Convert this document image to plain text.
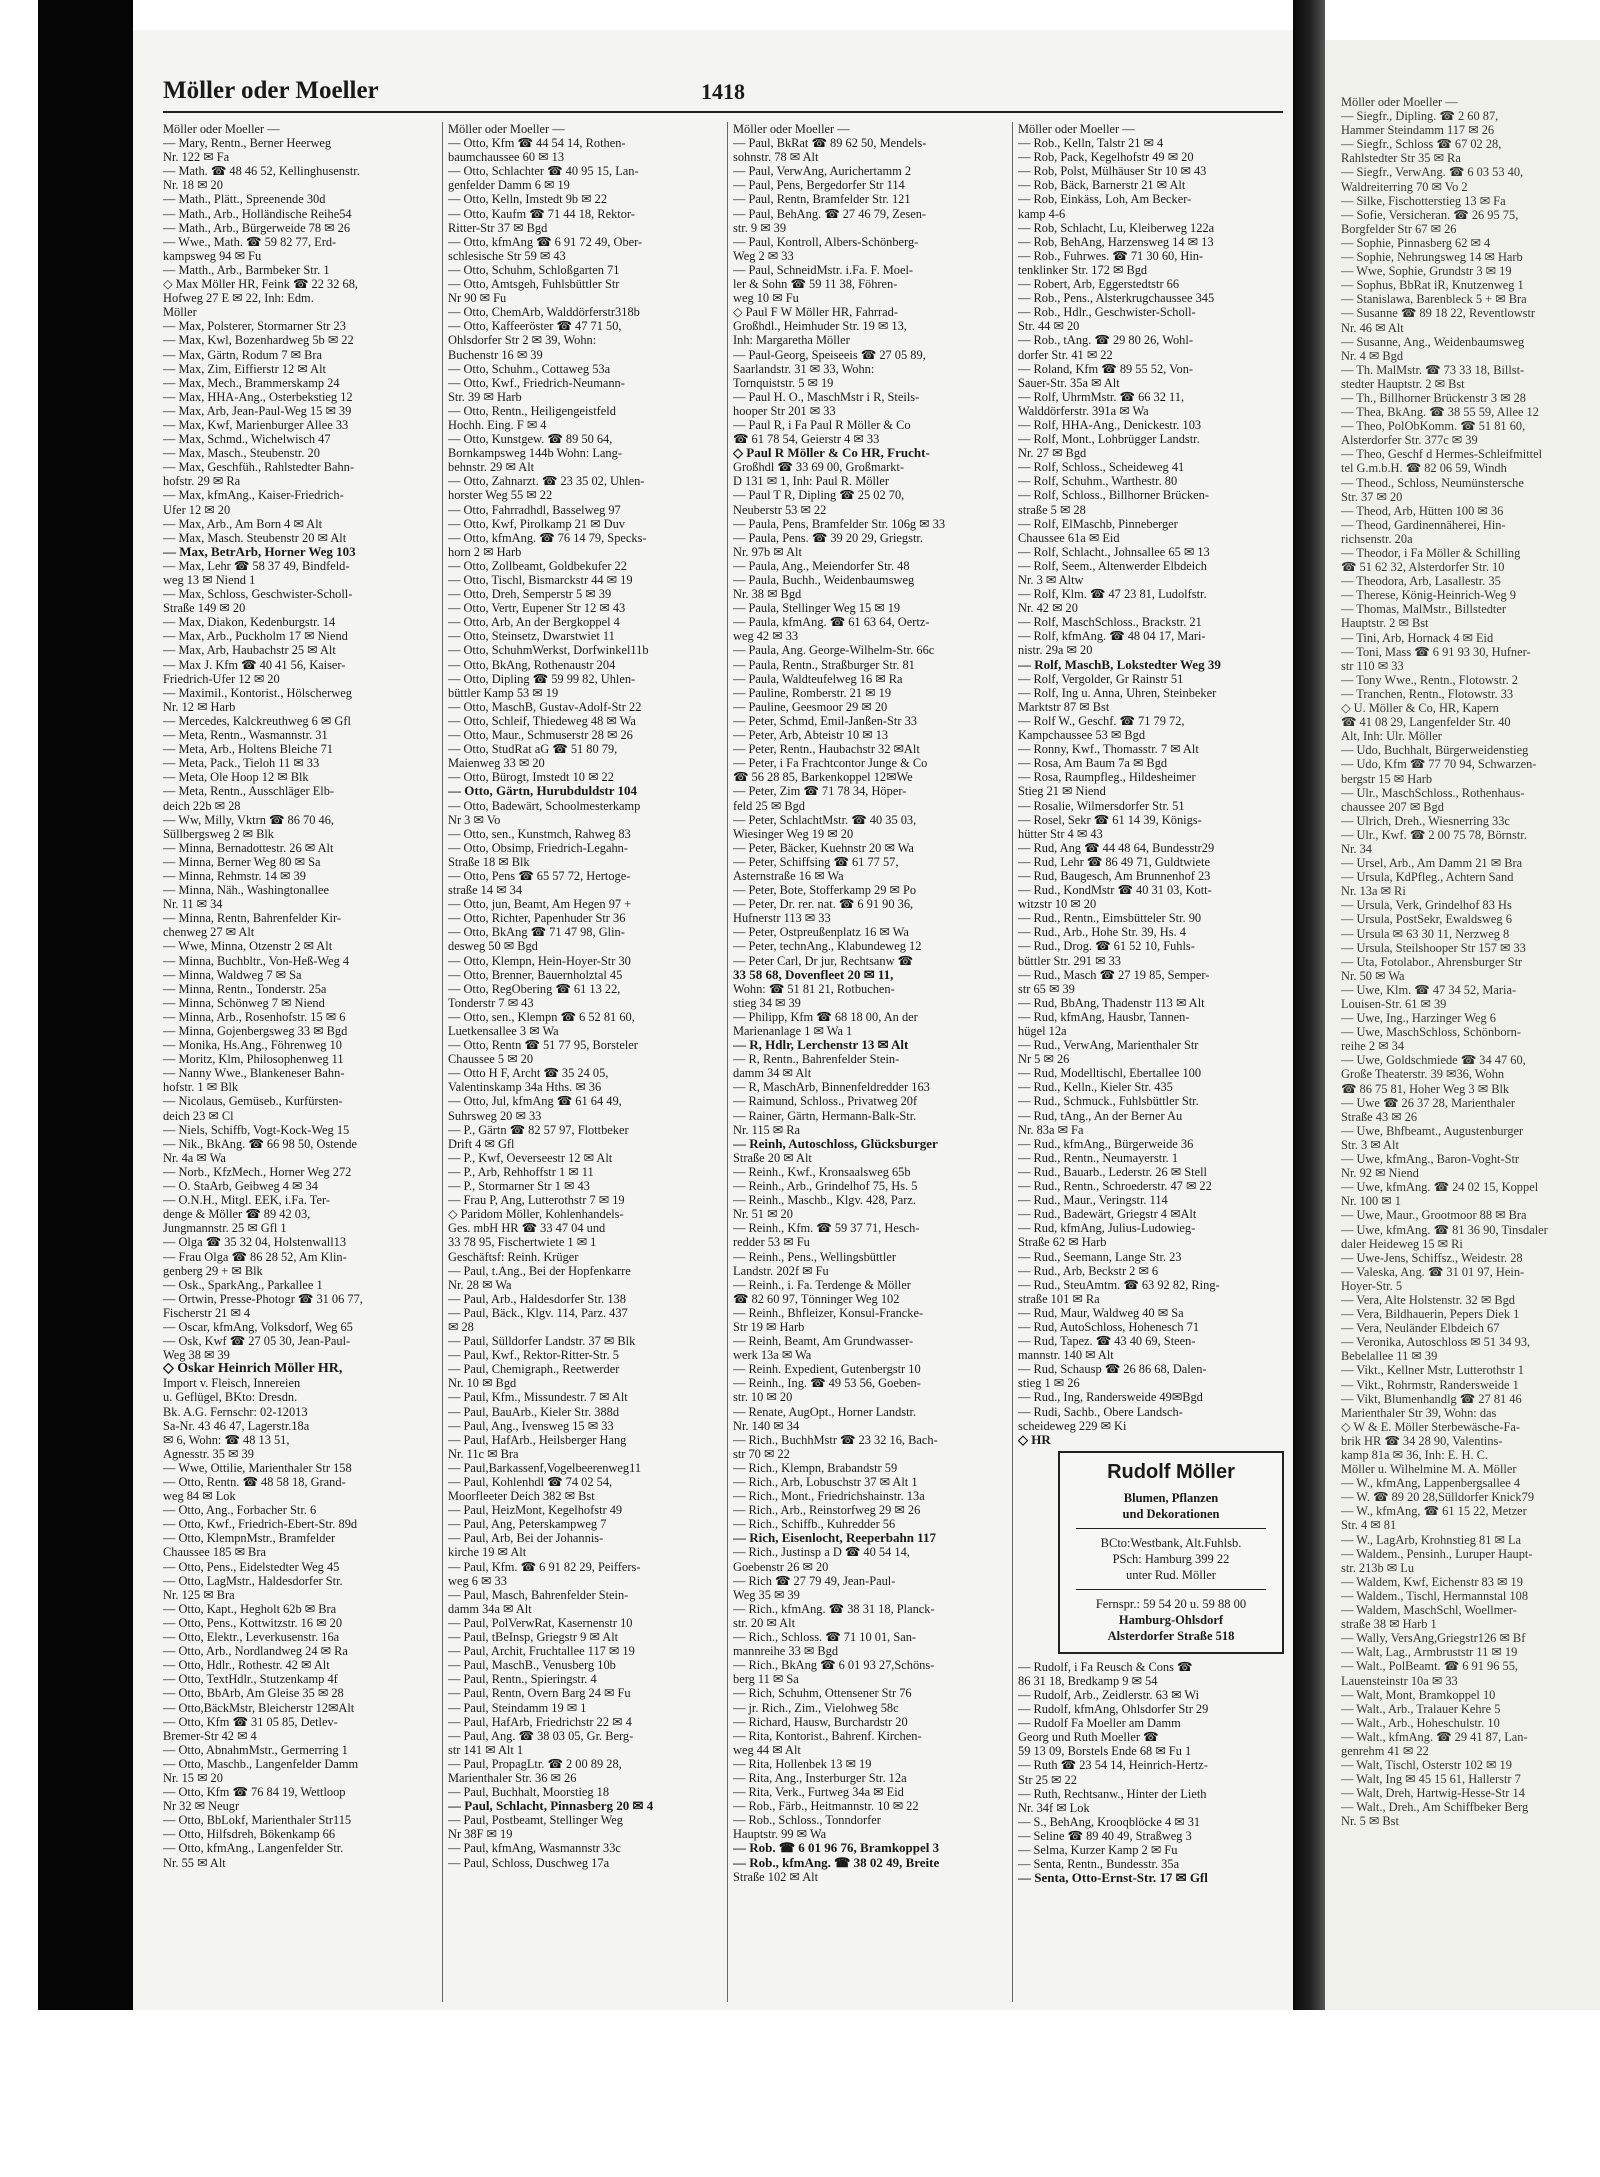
Möller oder Moeller	1418
Möller oder Moeller —
— Mary, Rentn., Berner Heerweg
Nr. 122 ✉ Fa
— Math. ☎ 48 46 52, Kellinghusenstr.
Nr. 18 ✉ 20
— Math., Plätt., Spreenende 30d
— Math., Arb., Holländische Reihe54
— Math., Arb., Bürgerweide 78 ✉ 26
— Wwe., Math. ☎ 59 82 77, Erd-
kampsweg 94 ✉ Fu
— Matth., Arb., Barmbeker Str. 1
◇ Max Möller HR, Feink ☎ 22 32 68,
Hofweg 27 E ✉ 22, Inh: Edm.
Möller
— Max, Polsterer, Stormarner Str 23
— Max, Kwl, Bozenhardweg 5b ✉ 22
— Max, Gärtn, Rodum 7 ✉ Bra
— Max, Zim, Eiffierstr 12 ✉ Alt
— Max, Mech., Brammerskamp 24
— Max, HHA-Ang., Osterbekstieg 12
— Max, Arb, Jean-Paul-Weg 15 ✉ 39
— Max, Kwf, Marienburger Allee 33
— Max, Schmd., Wichelwisch 47
— Max, Masch., Steubenstr. 20
— Max, Geschfüh., Rahlstedter Bahn-
hofstr. 29 ✉ Ra
— Max, kfmAng., Kaiser-Friedrich-
Ufer 12 ✉ 20
— Max, Arb., Am Born 4 ✉ Alt
— Max, Masch. Steubenstr 20 ✉ Alt
— Max, BetrArb, Horner Weg 103
— Max, Lehr ☎ 58 37 49, Bindfeld-
weg 13 ✉ Niend 1
— Max, Schloss, Geschwister-Scholl-
Straße 149 ✉ 20
— Max, Diakon, Kedenburgstr. 14
— Max, Arb., Puckholm 17 ✉ Niend
— Max, Arb, Haubachstr 25 ✉ Alt
— Max J. Kfm ☎ 40 41 56, Kaiser-
Friedrich-Ufer 12 ✉ 20
— Maximil., Kontorist., Hölscherweg
Nr. 12 ✉ Harb
— Mercedes, Kalckreuthweg 6 ✉ Gfl
— Meta, Rentn., Wasmannstr. 31
— Meta, Arb., Holtens Bleiche 71
— Meta, Pack., Tieloh 11 ✉ 33
— Meta, Ole Hoop 12 ✉ Blk
— Meta, Rentn., Ausschläger Elb-
deich 22b ✉ 28
— Ww, Milly, Vktrn ☎ 86 70 46,
Süllbergsweg 2 ✉ Blk
— Minna, Bernadottestr. 26 ✉ Alt
— Minna, Berner Weg 80 ✉ Sa
— Minna, Rehmstr. 14 ✉ 39
— Minna, Näh., Washingtonallee
Nr. 11 ✉ 34
— Minna, Rentn, Bahrenfelder Kir-
chenweg 27 ✉ Alt
— Wwe, Minna, Otzenstr 2 ✉ Alt
— Minna, Buchbltr., Von-Heß-Weg 4
— Minna, Waldweg 7 ✉ Sa
— Minna, Rentn., Tonderstr. 25a
— Minna, Schönweg 7 ✉ Niend
— Minna, Arb., Rosenhofstr. 15 ✉ 6
— Minna, Gojenbergsweg 33 ✉ Bgd
— Monika, Hs.Ang., Föhrenweg 10
— Moritz, Klm, Philosophenweg 11
— Nanny Wwe., Blankeneser Bahn-
hofstr. 1 ✉ Blk
— Nicolaus, Gemüseb., Kurfürsten-
deich 23 ✉ Cl
— Niels, Schiffb, Vogt-Kock-Weg 15
— Nik., BkAng. ☎ 66 98 50, Ostende
Nr. 4a ✉ Wa
— Norb., KfzMech., Horner Weg 272
— O. StaArb, Geibweg 4 ✉ 34
— O.N.H., Mitgl. EEK, i.Fa. Ter-
denge & Möller ☎ 89 42 03,
Jungmannstr. 25 ✉ Gfl 1
— Olga ☎ 35 32 04, Holstenwall13
— Frau Olga ☎ 86 28 52, Am Klin-
genberg 29 + ✉ Blk
— Osk., SparkAng., Parkallee 1
— Ortwin, Presse-Photogr ☎ 31 06 77,
Fischerstr 21 ✉ 4
— Oscar, kfmAng, Volksdorf, Weg 65
— Osk, Kwf ☎ 27 05 30, Jean-Paul-
Weg 38 ✉ 39
◇ Oskar Heinrich Möller HR,
Import v. Fleisch, Innereien
u. Geflügel, BKto: Dresdn.
Bk. A.G. Fernschr: 02-12013
Sa-Nr. 43 46 47, Lagerstr.18a
✉ 6, Wohn: ☎ 48 13 51,
Agnesstr. 35 ✉ 39
— Wwe, Ottilie, Marienthaler Str 158
— Otto, Rentn. ☎ 48 58 18, Grand-
weg 84 ✉ Lok
— Otto, Ang., Forbacher Str. 6
— Otto, Kwf., Friedrich-Ebert-Str. 89d
— Otto, KlempnMstr., Bramfelder
Chaussee 185 ✉ Bra
— Otto, Pens., Eidelstedter Weg 45
— Otto, LagMstr., Haldesdorfer Str.
Nr. 125 ✉ Bra
— Otto, Kapt., Hegholt 62b ✉ Bra
— Otto, Pens., Kottwitzstr. 16 ✉ 20
— Otto, Elektr., Leverkusenstr. 16a
— Otto, Arb., Nordlandweg 24 ✉ Ra
— Otto, Hdlr., Rothestr. 42 ✉ Alt
— Otto, TextHdlr., Stutzenkamp 4f
— Otto, BbArb, Am Gleise 35 ✉ 28
— Otto,BäckMstr, Bleicherstr 12✉Alt
— Otto, Kfm ☎ 31 05 85, Detlev-
Bremer-Str 42 ✉ 4
— Otto, AbnahmMstr., Germerring 1
— Otto, Maschb., Langenfelder Damm
Nr. 15 ✉ 20
— Otto, Kfm ☎ 76 84 19, Wettloop
Nr 32 ✉ Neugr
— Otto, BbLokf, Marienthaler Str115
— Otto, Hilfsdreh, Bökenkamp 66
— Otto, kfmAng., Langenfelder Str.
Nr. 55 ✉ Alt
Möller oder Moeller —
— Otto, Kfm ☎ 44 54 14, Rothen-
baumchaussee 60 ✉ 13
— Otto, Schlachter ☎ 40 95 15, Lan-
genfelder Damm 6 ✉ 19
— Otto, Kelln, Imstedt 9b ✉ 22
— Otto, Kaufm ☎ 71 44 18, Rektor-
Ritter-Str 37 ✉ Bgd
— Otto, kfmAng ☎ 6 91 72 49, Ober-
schlesische Str 59 ✉ 43
— Otto, Schuhm, Schloßgarten 71
— Otto, Amtsgeh, Fuhlsbüttler Str
Nr 90 ✉ Fu
— Otto, ChemArb, Walddörferstr318b
— Otto, Kaffeeröster ☎ 47 71 50,
Ohlsdorfer Str 2 ✉ 39, Wohn:
Buchenstr 16 ✉ 39
— Otto, Schuhm., Cottaweg 53a
— Otto, Kwf., Friedrich-Neumann-
Str. 39 ✉ Harb
— Otto, Rentn., Heiligengeistfeld
Hochh. Eing. F ✉ 4
— Otto, Kunstgew. ☎ 89 50 64,
Bornkampsweg 144b Wohn: Lang-
behnstr. 29 ✉ Alt
— Otto, Zahnarzt. ☎ 23 35 02, Uhlen-
horster Weg 55 ✉ 22
— Otto, Fahrradhdl, Basselweg 97
— Otto, Kwf, Pirolkamp 21 ✉ Duv
— Otto, kfmAng. ☎ 76 14 79, Specks-
horn 2 ✉ Harb
— Otto, Zollbeamt, Goldbekufer 22
— Otto, Tischl, Bismarckstr 44 ✉ 19
— Otto, Dreh, Semperstr 5 ✉ 39
— Otto, Vertr, Eupener Str 12 ✉ 43
— Otto, Arb, An der Bergkoppel 4
— Otto, Steinsetz, Dwarstwiet 11
— Otto, SchuhmWerkst, Dorfwinkel11b
— Otto, BkAng, Rothenaustr 204
— Otto, Dipling ☎ 59 99 82, Uhlen-
büttler Kamp 53 ✉ 19
— Otto, MaschB, Gustav-Adolf-Str 22
— Otto, Schleif, Thiedeweg 48 ✉ Wa
— Otto, Maur., Schmuserstr 28 ✉ 26
— Otto, StudRat aG ☎ 51 80 79,
Maienweg 33 ✉ 20
— Otto, Bürogt, Imstedt 10 ✉ 22
— Otto, Gärtn, Hurubduldstr 104
— Otto, Badewärt, Schoolmesterkamp
Nr 3 ✉ Vo
— Otto, sen., Kunstmch, Rahweg 83
— Otto, Obsimp, Friedrich-Legahn-
Straße 18 ✉ Blk
— Otto, Pens ☎ 65 57 72, Hertoge-
straße 14 ✉ 34
— Otto, jun, Beamt, Am Hegen 97 +
— Otto, Richter, Papenhuder Str 36
— Otto, BkAng ☎ 71 47 98, Glin-
desweg 50 ✉ Bgd
— Otto, Klempn, Hein-Hoyer-Str 30
— Otto, Brenner, Bauernholztal 45
— Otto, RegObering ☎ 61 13 22,
Tonderstr 7 ✉ 43
— Otto, sen., Klempn ☎ 6 52 81 60,
Luetkensallee 3 ✉ Wa
— Otto, Rentn ☎ 51 77 95, Borsteler
Chaussee 5 ✉ 20
— Otto H F, Archt ☎ 35 24 05,
Valentinskamp 34a Hths. ✉ 36
— Otto, Jul, kfmAng ☎ 61 64 49,
Suhrsweg 20 ✉ 33
— P., Gärtn ☎ 82 57 97, Flottbeker
Drift 4 ✉ Gfl
— P., Kwf, Oeverseestr 12 ✉ Alt
— P., Arb, Rehhoffstr 1 ✉ 11
— P., Stormarner Str 1 ✉ 43
— Frau P, Ang, Lutterothstr 7 ✉ 19
◇ Paridom Möller, Kohlenhandels-
Ges. mbH HR ☎ 33 47 04 und
33 78 95, Fischertwiete 1 ✉ 1
Geschäftsf: Reinh. Krüger
— Paul, t.Ang., Bei der Hopfenkarre
Nr. 28 ✉ Wa
— Paul, Arb., Haldesdorfer Str. 138
— Paul, Bäck., Klgv. 114, Parz. 437
✉ 28
— Paul, Sülldorfer Landstr. 37 ✉ Blk
— Paul, Kwf., Rektor-Ritter-Str. 5
— Paul, Chemigraph., Reetwerder
Nr. 10 ✉ Bgd
— Paul, Kfm., Missundestr. 7 ✉ Alt
— Paul, BauArb., Kieler Str. 388d
— Paul, Ang., Ivensweg 15 ✉ 33
— Paul, HafArb., Heilsberger Hang
Nr. 11c ✉ Bra
— Paul,Barkassenf,Vogelbeerenweg11
— Paul, Kohlenhdl ☎ 74 02 54,
Moorfleeter Deich 382 ✉ Bst
— Paul, HeizMont, Kegelhofstr 49
— Paul, Ang, Peterskampweg 7
— Paul, Arb, Bei der Johannis-
kirche 19 ✉ Alt
— Paul, Kfm. ☎ 6 91 82 29, Peiffers-
weg 6 ✉ 33
— Paul, Masch, Bahrenfelder Stein-
damm 34a ✉ Alt
— Paul, PolVerwRat, Kasernenstr 10
— Paul, tBeInsp, Griegstr 9 ✉ Alt
— Paul, Archit, Fruchtallee 117 ✉ 19
— Paul, MaschB., Venusberg 10b
— Paul, Rentn., Spieringstr. 4
— Paul, Rentn, Overn Barg 24 ✉ Fu
— Paul, Steindamm 19 ✉ 1
— Paul, HafArb, Friedrichstr 22 ✉ 4
— Paul, Ang. ☎ 38 03 05, Gr. Berg-
str 141 ✉ Alt 1
— Paul, PropagLtr. ☎ 2 00 89 28,
Marienthaler Str. 36 ✉ 26
— Paul, Buchhalt, Moorstieg 18
— Paul, Schlacht, Pinnasberg 20 ✉ 4
— Paul, Postbeamt, Stellinger Weg
Nr 38F ✉ 19
— Paul, kfmAng, Wasmannstr 33c
— Paul, Schloss, Duschweg 17a
Möller oder Moeller —
— Paul, BkRat ☎ 89 62 50, Mendels-
sohnstr. 78 ✉ Alt
— Paul, VerwAng, Aurichertamm 2
— Paul, Pens, Bergedorfer Str 114
— Paul, Rentn, Bramfelder Str. 121
— Paul, BehAng. ☎ 27 46 79, Zesen-
str. 9 ✉ 39
— Paul, Kontroll, Albers-Schönberg-
Weg 2 ✉ 33
— Paul, SchneidMstr. i.Fa. F. Moel-
ler & Sohn ☎ 59 11 38, Föhren-
weg 10 ✉ Fu
◇ Paul F W Möller HR, Fahrrad-
Großhdl., Heimhuder Str. 19 ✉ 13,
Inh: Margaretha Möller
— Paul-Georg, Speiseeis ☎ 27 05 89,
Saarlandstr. 31 ✉ 33, Wohn:
Tornquiststr. 5 ✉ 19
— Paul H. O., MaschMstr i R, Steils-
hooper Str 201 ✉ 33
— Paul R, i Fa Paul R Möller & Co
☎ 61 78 54, Geierstr 4 ✉ 33
◇ Paul R Möller & Co HR, Frucht-
Großhdl ☎ 33 69 00, Großmarkt-
D 131 ✉ 1, Inh: Paul R. Möller
— Paul T R, Dipling ☎ 25 02 70,
Neuberstr 53 ✉ 22
— Paula, Pens, Bramfelder Str. 106g ✉ 33
— Paula, Pens. ☎ 39 20 29, Griegstr.
Nr. 97b ✉ Alt
— Paula, Ang., Meiendorfer Str. 48
— Paula, Buchh., Weidenbaumsweg
Nr. 38 ✉ Bgd
— Paula, Stellinger Weg 15 ✉ 19
— Paula, kfmAng. ☎ 61 63 64, Oertz-
weg 42 ✉ 33
— Paula, Ang. George-Wilhelm-Str. 66c
— Paula, Rentn., Straßburger Str. 81
— Paula, Waldteufelweg 16 ✉ Ra
— Pauline, Romberstr. 21 ✉ 19
— Pauline, Geesmoor 29 ✉ 20
— Peter, Schmd, Emil-Janßen-Str 33
— Peter, Arb, Abteistr 10 ✉ 13
— Peter, Rentn., Haubachstr 32 ✉Alt
— Peter, i Fa Frachtcontor Junge & Co
☎ 56 28 85, Barkenkoppel 12✉We
— Peter, Zim ☎ 71 78 34, Höper-
feld 25 ✉ Bgd
— Peter, SchlachtMstr. ☎ 40 35 03,
Wiesinger Weg 19 ✉ 20
— Peter, Bäcker, Kuehnstr 20 ✉ Wa
— Peter, Schiffsing ☎ 61 77 57,
Asternstraße 16 ✉ Wa
— Peter, Bote, Stofferkamp 29 ✉ Po
— Peter, Dr. rer. nat. ☎ 6 91 90 36,
Hufnerstr 113 ✉ 33
— Peter, Ostpreußenplatz 16 ✉ Wa
— Peter, technAng., Klabundeweg 12
— Peter Carl, Dr jur, Rechtsanw ☎
33 58 68, Dovenfleet 20 ✉ 11,
Wohn: ☎ 51 81 21, Rotbuchen-
stieg 34 ✉ 39
— Philipp, Kfm ☎ 68 18 00, An der
Marienanlage 1 ✉ Wa 1
— R, Hdlr, Lerchenstr 13 ✉ Alt
— R, Rentn., Bahrenfelder Stein-
damm 34 ✉ Alt
— R, MaschArb, Binnenfeldredder 163
— Raimund, Schloss., Privatweg 20f
— Rainer, Gärtn, Hermann-Balk-Str.
Nr. 115 ✉ Ra
— Reinh, Autoschloss, Glücksburger
Straße 20 ✉ Alt
— Reinh., Kwf., Kronsaalsweg 65b
— Reinh., Arb., Grindelhof 75, Hs. 5
— Reinh., Maschb., Klgv. 428, Parz.
Nr. 51 ✉ 20
— Reinh., Kfm. ☎ 59 37 71, Hesch-
redder 53 ✉ Fu
— Reinh., Pens., Wellingsbüttler
Landstr. 202f ✉ Fu
— Reinh., i. Fa. Terdenge & Möller
☎ 82 60 97, Tönninger Weg 102
— Reinh., Bhfleizer, Konsul-Francke-
Str 19 ✉ Harb
— Reinh, Beamt, Am Grundwasser-
werk 13a ✉ Wa
— Reinh. Expedient, Gutenbergstr 10
— Reinh., Ing. ☎ 49 53 56, Goeben-
str. 10 ✉ 20
— Renate, AugOpt., Horner Landstr.
Nr. 140 ✉ 34
— Rich., BuchhMstr ☎ 23 32 16, Bach-
str 70 ✉ 22
— Rich., Klempn, Brabandstr 59
— Rich., Arb, Lobuschstr 37 ✉ Alt 1
— Rich., Mont., Friedrichshainstr. 13a
— Rich., Arb., Reinstorfweg 29 ✉ 26
— Rich., Schiffb., Kuhredder 56
— Rich, Eisenlocht, Reeperbahn 117
— Rich., Justinsp a D ☎ 40 54 14,
Goebenstr 26 ✉ 20
— Rich ☎ 27 79 49, Jean-Paul-
Weg 35 ✉ 39
— Rich., kfmAng. ☎ 38 31 18, Planck-
str. 20 ✉ Alt
— Rich., Schloss. ☎ 71 10 01, San-
mannreihe 33 ✉ Bgd
— Rich., BkAng ☎ 6 01 93 27,Schöns-
berg 11 ✉ Sa
— Rich, Schuhm, Ottensener Str 76
— jr. Rich., Zim., Vielohweg 58c
— Richard, Hausw, Burchardstr 20
— Rita, Kontorist., Bahrenf. Kirchen-
weg 44 ✉ Alt
— Rita, Hollenbek 13 ✉ 19
— Rita, Ang., Insterburger Str. 12a
— Rita, Verk., Furtweg 34a ✉ Eid
— Rob., Färb., Heitmannstr. 10 ✉ 22
— Rob., Schloss., Tonndorfer
Hauptstr. 99 ✉ Wa
— Rob. ☎ 6 01 96 76, Bramkoppel 3
— Rob., kfmAng. ☎ 38 02 49, Breite
Straße 102 ✉ Alt
Möller oder Moeller —
— Rob., Kelln, Talstr 21 ✉ 4
— Rob, Pack, Kegelhofstr 49 ✉ 20
— Rob, Polst, Mülhäuser Str 10 ✉ 43
— Rob, Bäck, Barnerstr 21 ✉ Alt
— Rob, Einkäss, Loh, Am Becker-
kamp 4-6
— Rob, Schlacht, Lu, Kleiberweg 122a
— Rob, BehAng, Harzensweg 14 ✉ 13
— Rob., Fuhrwes. ☎ 71 30 60, Hin-
tenklinker Str. 172 ✉ Bgd
— Robert, Arb, Eggerstedtstr 66
— Rob., Pens., Alsterkrugchaussee 345
— Rob., Hdlr., Geschwister-Scholl-
Str. 44 ✉ 20
— Rob., tAng. ☎ 29 80 26, Wohl-
dorfer Str. 41 ✉ 22
— Roland, Kfm ☎ 89 55 52, Von-
Sauer-Str. 35a ✉ Alt
— Rolf, UhrmMstr. ☎ 66 32 11,
Walddörferstr. 391a ✉ Wa
— Rolf, HHA-Ang., Denickestr. 103
— Rolf, Mont., Lohbrügger Landstr.
Nr. 27 ✉ Bgd
— Rolf, Schloss., Scheideweg 41
— Rolf, Schuhm., Warthestr. 80
— Rolf, Schloss., Billhorner Brücken-
straße 5 ✉ 28
— Rolf, ElMaschb, Pinneberger
Chaussee 61a ✉ Eid
— Rolf, Schlacht., Johnsallee 65 ✉ 13
— Rolf, Seem., Altenwerder Elbdeich
Nr. 3 ✉ Altw
— Rolf, Klm. ☎ 47 23 81, Ludolfstr.
Nr. 42 ✉ 20
— Rolf, MaschSchloss., Brackstr. 21
— Rolf, kfmAng. ☎ 48 04 17, Mari-
nistr. 29a ✉ 20
— Rolf, MaschB, Lokstedter Weg 39
— Rolf, Vergolder, Gr Rainstr 51
— Rolf, Ing u. Anna, Uhren, Steinbeker
Marktstr 87 ✉ Bst
— Rolf W., Geschf. ☎ 71 79 72,
Kampchaussee 53 ✉ Bgd
— Ronny, Kwf., Thomasstr. 7 ✉ Alt
— Rosa, Am Baum 7a ✉ Bgd
— Rosa, Raumpfleg., Hildesheimer
Stieg 21 ✉ Niend
— Rosalie, Wilmersdorfer Str. 51
— Rosel, Sekr ☎ 61 14 39, Königs-
hütter Str 4 ✉ 43
— Rud, Ang ☎ 44 48 64, Bundesstr29
— Rud, Lehr ☎ 86 49 71, Guldtwiete
— Rud, Baugesch, Am Brunnenhof 23
— Rud., KondMstr ☎ 40 31 03, Kott-
witzstr 10 ✉ 20
— Rud., Rentn., Eimsbütteler Str. 90
— Rud., Arb., Hohe Str. 39, Hs. 4
— Rud., Drog. ☎ 61 52 10, Fuhls-
büttler Str. 291 ✉ 33
— Rud., Masch ☎ 27 19 85, Semper-
str 65 ✉ 39
— Rud, BbAng, Thadenstr 113 ✉ Alt
— Rud, kfmAng, Hausbr, Tannen-
hügel 12a
— Rud., VerwAng, Marienthaler Str
Nr 5 ✉ 26
— Rud, Modelltischl, Ebertallee 100
— Rud., Kelln., Kieler Str. 435
— Rud., Schmuck., Fuhlsbüttler Str.
— Rud, tAng., An der Berner Au
Nr. 83a ✉ Fa
— Rud., kfmAng., Bürgerweide 36
— Rud., Rentn., Neumayerstr. 1
— Rud., Bauarb., Lederstr. 26 ✉ Stell
— Rud., Rentn., Schroederstr. 47 ✉ 22
— Rud., Maur., Veringstr. 114
— Rud., Badewärt, Griegstr 4 ✉Alt
— Rud, kfmAng, Julius-Ludowieg-
Straße 62 ✉ Harb
— Rud., Seemann, Lange Str. 23
— Rud., Arb, Beckstr 2 ✉ 6
— Rud., SteuAmtm. ☎ 63 92 82, Ring-
straße 101 ✉ Ra
— Rud, Maur, Waldweg 40 ✉ Sa
— Rud, AutoSchloss, Hohenesch 71
— Rud, Tapez. ☎ 43 40 69, Steen-
mannstr. 140 ✉ Alt
— Rud, Schausp ☎ 26 86 68, Dalen-
stieg 1 ✉ 26
— Rud., Ing, Randersweide 49✉Bgd
— Rudi, Sachb., Obere Landsch-
scheideweg 229 ✉ Ki
◇ HR
Rudolf Möller
Blumen, Pflanzen
und Dekorationen
BCto:Westbank, Alt.Fuhlsb.
PSch: Hamburg 399 22
unter Rud. Möller
Fernspr.: 59 54 20 u. 59 88 00
Hamburg-Ohlsdorf
Alsterdorfer Straße 518
— Rudolf, i Fa Reusch & Cons ☎
86 31 18, Bredkamp 9 ✉ 54
— Rudolf, Arb., Zeidlerstr. 63 ✉ Wi
— Rudolf, kfmAng, Ohlsdorfer Str 29
— Rudolf Fa Moeller am Damm
Georg und Ruth Moeller ☎
59 13 09, Borstels Ende 68 ✉ Fu 1
— Ruth ☎ 23 54 14, Heinrich-Hertz-
Str 25 ✉ 22
— Ruth, Rechtsanw., Hinter der Lieth
Nr. 34f ✉ Lok
— S., BehAng, Krooqblöcke 4 ✉ 31
— Seline ☎ 89 40 49, Straßweg 3
— Selma, Kurzer Kamp 2 ✉ Fu
— Senta, Rentn., Bundesstr. 35a
— Senta, Otto-Ernst-Str. 17 ✉ Gfl
Möller oder Moeller —
— Siegfr., Dipling. ☎ 2 60 87,
Hammer Steindamm 117 ✉ 26
— Siegfr., Schloss ☎ 67 02 28,
Rahlstedter Str 35 ✉ Ra
— Siegfr., VerwAng. ☎ 6 03 53 40,
Waldreiterring 70 ✉ Vo 2
— Silke, Fischotterstieg 13 ✉ Fa
— Sofie, Versicheran. ☎ 26 95 75,
Borgfelder Str 67 ✉ 26
— Sophie, Pinnasberg 62 ✉ 4
— Sophie, Nehrungsweg 14 ✉ Harb
— Wwe, Sophie, Grundstr 3 ✉ 19
— Sophus, BbRat iR, Knutzenweg 1
— Stanislawa, Barenbleck 5 + ✉ Bra
— Susanne ☎ 89 18 22, Reventlowstr
Nr. 46 ✉ Alt
— Susanne, Ang., Weidenbaumsweg
Nr. 4 ✉ Bgd
— Th. MalMstr. ☎ 73 33 18, Billst-
stedter Hauptstr. 2 ✉ Bst
— Th., Billhorner Brückenstr 3 ✉ 28
— Thea, BkAng. ☎ 38 55 59, Allee 12
— Theo, PolObKomm. ☎ 51 81 60,
Alsterdorfer Str. 377c ✉ 39
— Theo, Geschf d Hermes-Schleifmittel
tel G.m.b.H. ☎ 82 06 59, Windh
— Theod., Schloss, Neumünstersche
Str. 37 ✉ 20
— Theod, Arb, Hütten 100 ✉ 36
— Theod, Gardinennäherei, Hin-
richsenstr. 20a
— Theodor, i Fa Möller & Schilling
☎ 51 62 32, Alsterdorfer Str. 10
— Theodora, Arb, Lasallestr. 35
— Therese, König-Heinrich-Weg 9
— Thomas, MalMstr., Billstedter
Hauptstr. 2 ✉ Bst
— Tini, Arb, Hornack 4 ✉ Eid
— Toni, Mass ☎ 6 91 93 30, Hufner-
str 110 ✉ 33
— Tony Wwe., Rentn., Flotowstr. 2
— Tranchen, Rentn., Flotowstr. 33
◇ U. Möller & Co, HR, Kapern
☎ 41 08 29, Langenfelder Str. 40
Alt, Inh: Ulr. Möller
— Udo, Buchhalt, Bürgerweidenstieg
— Udo, Kfm ☎ 77 70 94, Schwarzen-
bergstr 15 ✉ Harb
— Ulr., MaschSchloss., Rothenhaus-
chaussee 207 ✉ Bgd
— Ulrich, Dreh., Wiesnerring 33c
— Ulr., Kwf. ☎ 2 00 75 78, Börnstr.
Nr. 34
— Ursel, Arb., Am Damm 21 ✉ Bra
— Ursula, KdPfleg., Achtern Sand
Nr. 13a ✉ Ri
— Ursula, Verk, Grindelhof 83 Hs
— Ursula, PostSekr, Ewaldsweg 6
— Ursula ✉ 63 30 11, Nerzweg 8
— Ursula, Steilshooper Str 157 ✉ 33
— Uta, Fotolabor., Ahrensburger Str
Nr. 50 ✉ Wa
— Uwe, Klm. ☎ 47 34 52, Maria-
Louisen-Str. 61 ✉ 39
— Uwe, Ing., Harzinger Weg 6
— Uwe, MaschSchloss, Schönborn-
reihe 2 ✉ 34
— Uwe, Goldschmiede ☎ 34 47 60,
Große Theaterstr. 39 ✉36, Wohn
☎ 86 75 81, Hoher Weg 3 ✉ Blk
— Uwe ☎ 26 37 28, Marienthaler
Straße 43 ✉ 26
— Uwe, Bhfbeamt., Augustenburger
Str. 3 ✉ Alt
— Uwe, kfmAng., Baron-Voght-Str
Nr. 92 ✉ Niend
— Uwe, kfmAng. ☎ 24 02 15, Koppel
Nr. 100 ✉ 1
— Uwe, Maur., Grootmoor 88 ✉ Bra
— Uwe, kfmAng. ☎ 81 36 90, Tinsdaler
daler Heideweg 15 ✉ Ri
— Uwe-Jens, Schiffsz., Weidestr. 28
— Valeska, Ang. ☎ 31 01 97, Hein-
Hoyer-Str. 5
— Vera, Alte Holstenstr. 32 ✉ Bgd
— Vera, Bildhauerin, Pepers Diek 1
— Vera, Neuländer Elbdeich 67
— Veronika, Autoschloss ✉ 51 34 93,
Bebelallee 11 ✉ 39
— Vikt., Kellner Mstr, Lutterothstr 1
— Vikt., Rohrmstr, Randersweide 1
— Vikt, Blumenhandlg ☎ 27 81 46
Marienthaler Str 39, Wohn: das
◇ W & E. Möller Sterbewäsche-Fa-
brik HR ☎ 34 28 90, Valentins-
kamp 81a ✉ 36, Inh: E. H. C.
Möller u. Wilhelmine M. A. Möller
— W., kfmAng, Lappenbergsallee 4
— W. ☎ 89 20 28,Sülldorfer Knick79
— W., kfmAng, ☎ 61 15 22, Metzer
Str. 4 ✉ 81
— W., LagArb, Krohnstieg 81 ✉ La
— Waldem., Pensinh., Luruper Haupt-
str. 213b ✉ Lu
— Waldem, Kwf, Eichenstr 83 ✉ 19
— Waldem., Tischl, Hermannstal 108
— Waldem, MaschSchl, Woellmer-
straße 38 ✉ Harb 1
— Wally, VersAng,Griegstr126 ✉ Bf
— Walt, Lag., Armbruststr 11 ✉ 19
— Walt., PolBeamt. ☎ 6 91 96 55,
Lauensteinstr 10a ✉ 33
— Walt, Mont, Bramkoppel 10
— Walt., Arb., Tralauer Kehre 5
— Walt., Arb., Hoheschulstr. 10
— Walt., kfmAng. ☎ 29 41 87, Lan-
genrehm 41 ✉ 22
— Walt, Tischl, Osterstr 102 ✉ 19
— Walt, Ing ✉ 45 15 61, Hallerstr 7
— Walt, Dreh, Hartwig-Hesse-Str 14
— Walt., Dreh., Am Schiffbeker Berg
Nr. 5 ✉ Bst
